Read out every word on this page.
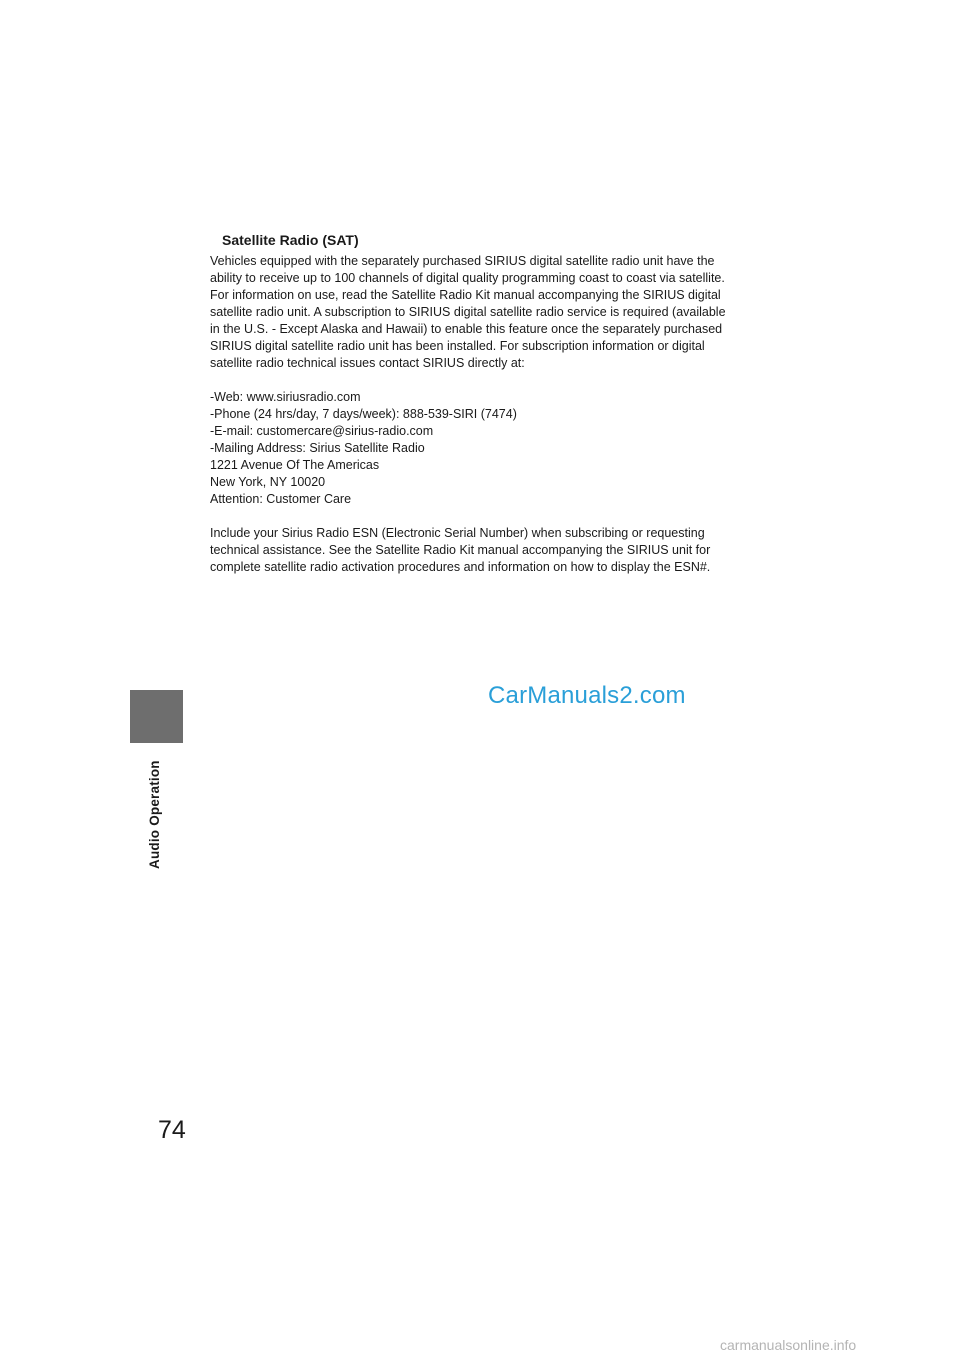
Audio Operation
Satellite Radio (SAT)
Vehicles equipped with the separately purchased SIRIUS digital satellite radio unit have the
ability to receive up to 100 channels of digital quality programming coast to coast via satellite.
For information on use, read the Satellite Radio Kit manual accompanying the SIRIUS digital
satellite radio unit. A subscription to SIRIUS digital satellite radio service is required (available
in the U.S. - Except Alaska and Hawaii) to enable this feature once the separately purchased
SIRIUS digital satellite radio unit has been installed. For subscription information or digital
satellite radio technical issues contact SIRIUS directly at:
-Web: www.siriusradio.com
-Phone (24 hrs/day, 7 days/week): 888-539-SIRI (7474)
-E-mail: customercare@sirius-radio.com
-Mailing Address: Sirius Satellite Radio
1221 Avenue Of The Americas
New York, NY 10020
Attention: Customer Care
Include your Sirius Radio ESN (Electronic Serial Number) when subscribing or requesting
technical assistance. See the Satellite Radio Kit manual accompanying the SIRIUS unit for
complete satellite radio activation procedures and information on how to display the ESN#.
CarManuals2.com
74
carmanualsonline.info
